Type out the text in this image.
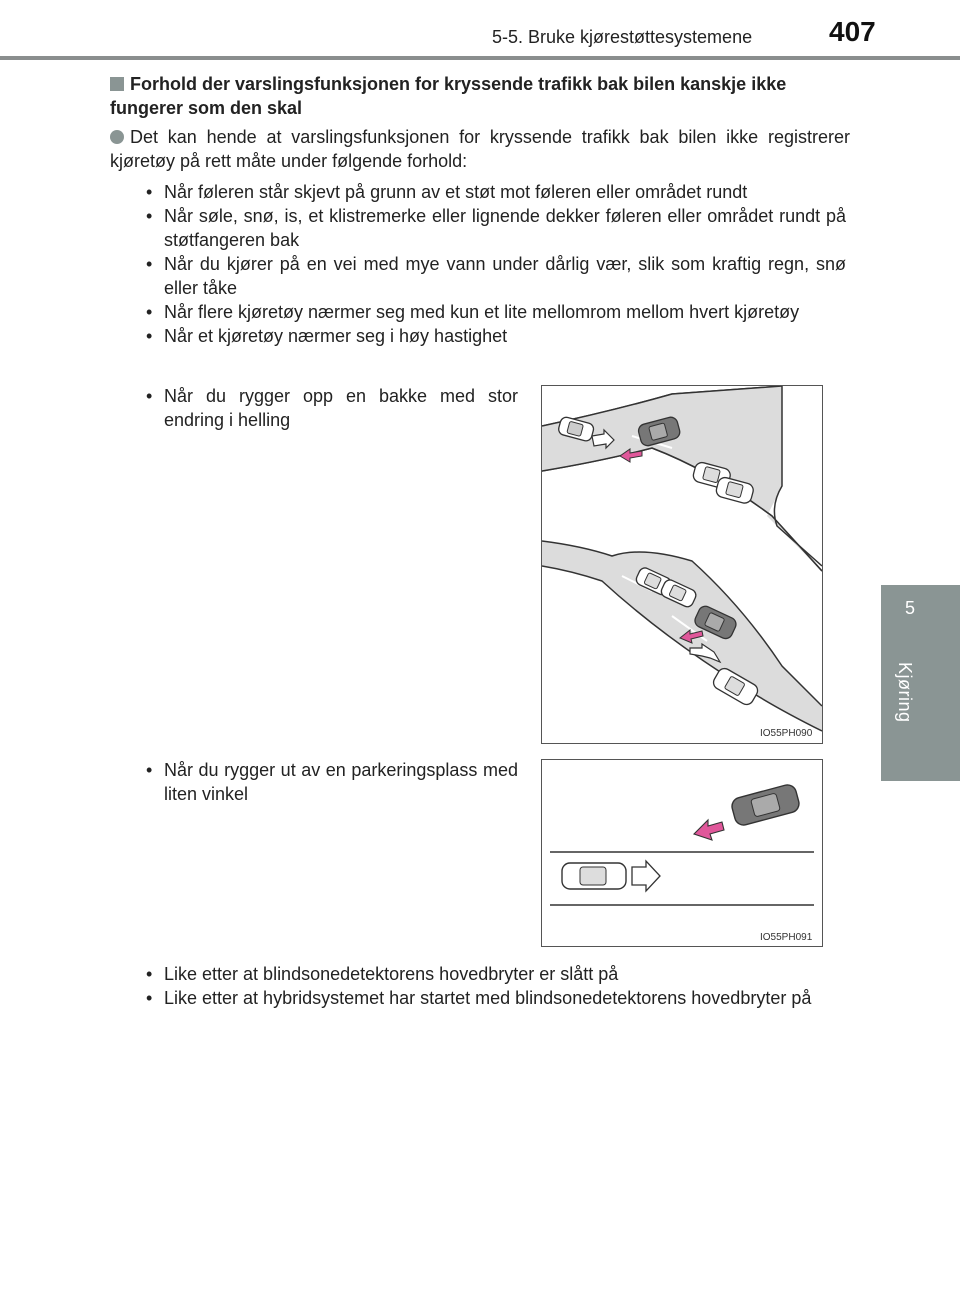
5-5. Bruke kjørestøttesystemene	407
5
Kjøring
Forhold der varslingsfunksjonen for kryssende trafikk bak bilen kanskje ikke fungerer som den skal
Det kan hende at varslingsfunksjonen for kryssende trafikk bak bilen ikke registrerer kjøretøy på rett måte under følgende forhold:
• Når føleren står skjevt på grunn av et støt mot føleren eller området rundt
• Når søle, snø, is, et klistremerke eller lignende dekker føleren eller området rundt på støtfangeren bak
• Når du kjører på en vei med mye vann under dårlig vær, slik som kraftig regn, snø eller tåke
• Når flere kjøretøy nærmer seg med kun et lite mellomrom mellom hvert kjøretøy
• Når et kjøretøy nærmer seg i høy hastighet
• Når du rygger opp en bakke med stor endring i helling
IO55PH090
• Når du rygger ut av en parkeringsplass med liten vinkel
IO55PH091
• Like etter at blindsonedetektorens hovedbryter er slått på
• Like etter at hybridsystemet har startet med blindsonedetektorens hovedbryter på
